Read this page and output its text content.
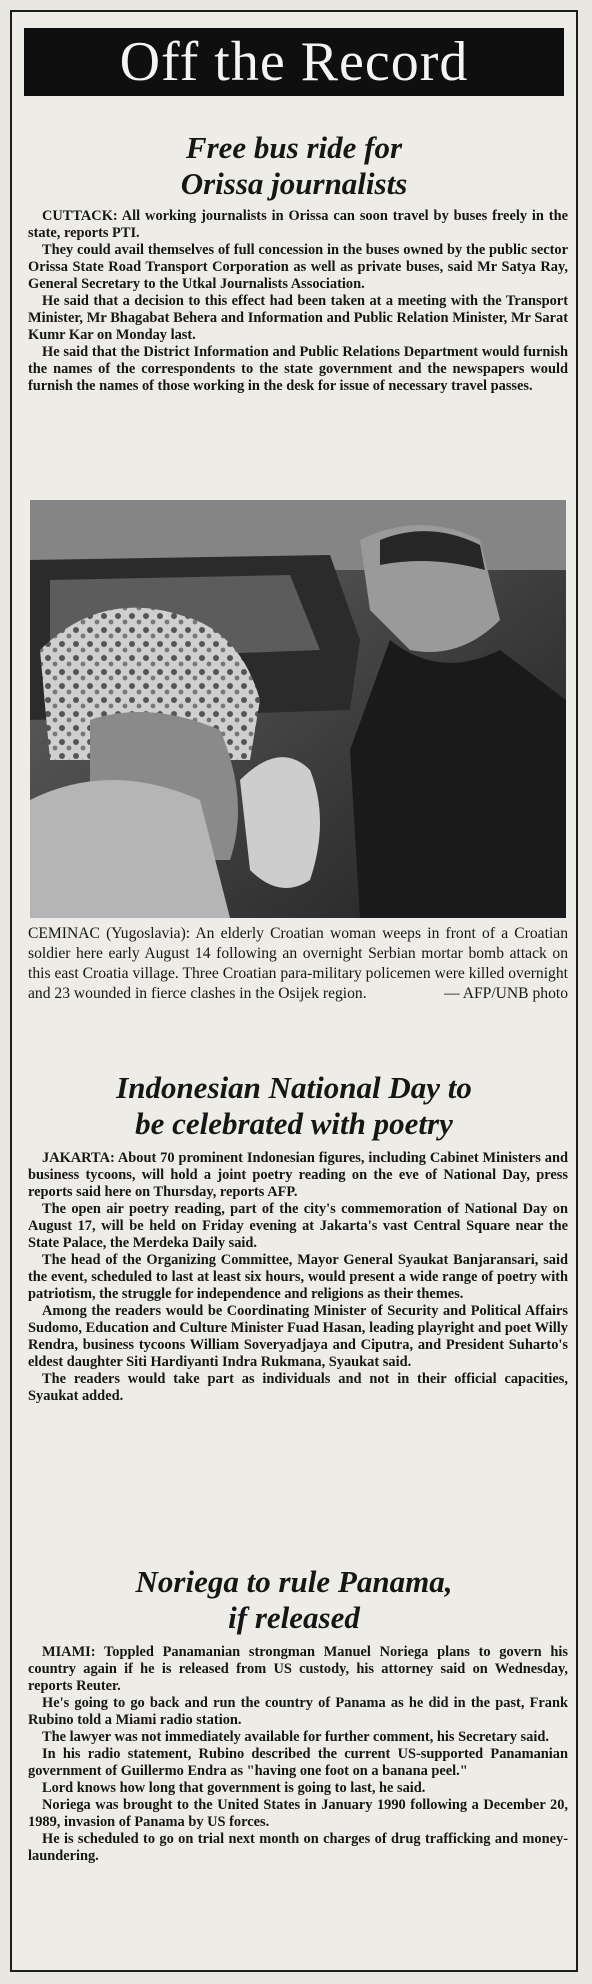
Off the Record
Free bus ride for
Orissa journalists

CUTTACK: All working journalists in Orissa can soon travel by buses freely in the state, reports PTI.

They could avail themselves of full concession in the buses owned by the public sector Orissa State Road Transport Corporation as well as private buses, said Mr Satya Ray, General Secretary to the Utkal Journalists Association.

He said that a decision to this effect had been taken at a meeting with the Transport Minister, Mr Bhagabat Behera and Information and Public Relation Minister, Mr Sarat Kumr Kar on Monday last.

He said that the District Information and Public Relations Department would furnish the names of the correspondents to the state government and the newspapers would furnish the names of those working in the desk for issue of necessary travel passes.

CEMINAC (Yugoslavia): An elderly Croatian woman weeps in front of a Croatian soldier here early August 14 following an overnight Serbian mortar bomb attack on this east Croatia village. Three Croatian para-military policemen were killed overnight and 23 wounded in fierce clashes in the Osijek region.	— AFP/UNB photo

Indonesian National Day to
be celebrated with poetry

JAKARTA: About 70 prominent Indonesian figures, including Cabinet Ministers and business tycoons, will hold a joint poetry reading on the eve of National Day, press reports said here on Thursday, reports AFP.

The open air poetry reading, part of the city's commemoration of National Day on August 17, will be held on Friday evening at Jakarta's vast Central Square near the State Palace, the Merdeka Daily said.

The head of the Organizing Committee, Mayor General Syaukat Banjaransari, said the event, scheduled to last at least six hours, would present a wide range of poetry with patriotism, the struggle for independence and religions as their themes.

Among the readers would be Coordinating Minister of Security and Political Affairs Sudomo, Education and Culture Minister Fuad Hasan, leading playright and poet Willy Rendra, business tycoons William Soveryadjaya and Ciputra, and President Suharto's eldest daughter Siti Hardiyanti Indra Rukmana, Syaukat said.

The readers would take part as individuals and not in their official capacities, Syaukat added.

Noriega to rule Panama,
if released

MIAMI: Toppled Panamanian strongman Manuel Noriega plans to govern his country again if he is released from US custody, his attorney said on Wednesday, reports Reuter.

He's going to go back and run the country of Panama as he did in the past, Frank Rubino told a Miami radio station.

The lawyer was not immediately available for further comment, his Secretary said.

In his radio statement, Rubino described the current US-supported Panamanian government of Guillermo Endra as "having one foot on a banana peel."

Lord knows how long that government is going to last, he said.

Noriega was brought to the United States in January 1990 following a December 20, 1989, invasion of Panama by US forces.

He is scheduled to go on trial next month on charges of drug trafficking and money-laundering.
